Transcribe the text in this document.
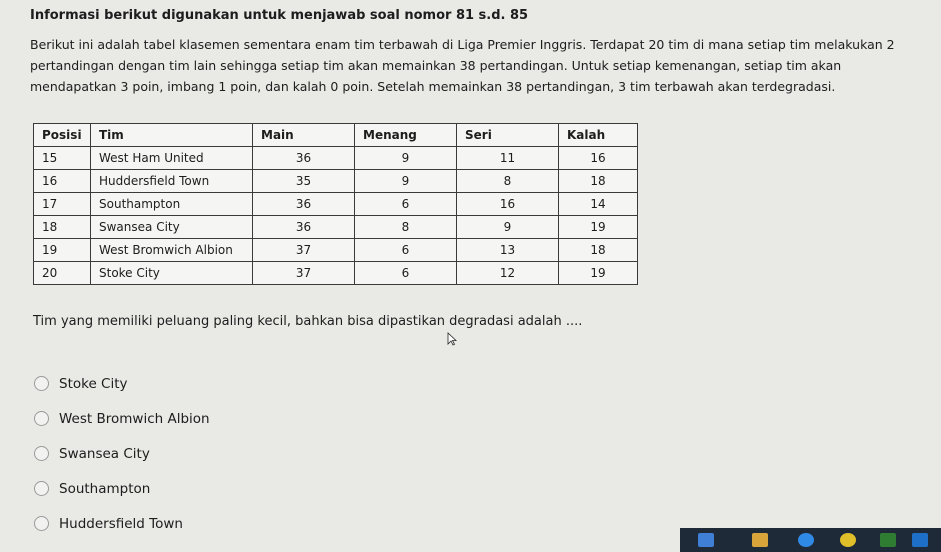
Informasi berikut digunakan untuk menjawab soal nomor 81 s.d. 85
Berikut ini adalah tabel klasemen sementara enam tim terbawah di Liga Premier Inggris. Terdapat 20 tim di mana setiap tim melakukan 2 pertandingan dengan tim lain sehingga setiap tim akan memainkan 38 pertandingan. Untuk setiap kemenangan, setiap tim akan mendapatkan 3 poin, imbang 1 poin, dan kalah 0 poin. Setelah memainkan 38 pertandingan, 3 tim terbawah akan terdegradasi.
Posisi	Tim	Main	Menang	Seri	Kalah
15	West Ham United	36	9	11	16
16	Huddersfield Town	35	9	8	18
17	Southampton	36	6	16	14
18	Swansea City	36	8	9	19
19	West Bromwich Albion	37	6	13	18
20	Stoke City	37	6	12	19
Tim yang memiliki peluang paling kecil, bahkan bisa dipastikan degradasi adalah ....
Stoke City
West Bromwich Albion
Swansea City
Southampton
Huddersfield Town
